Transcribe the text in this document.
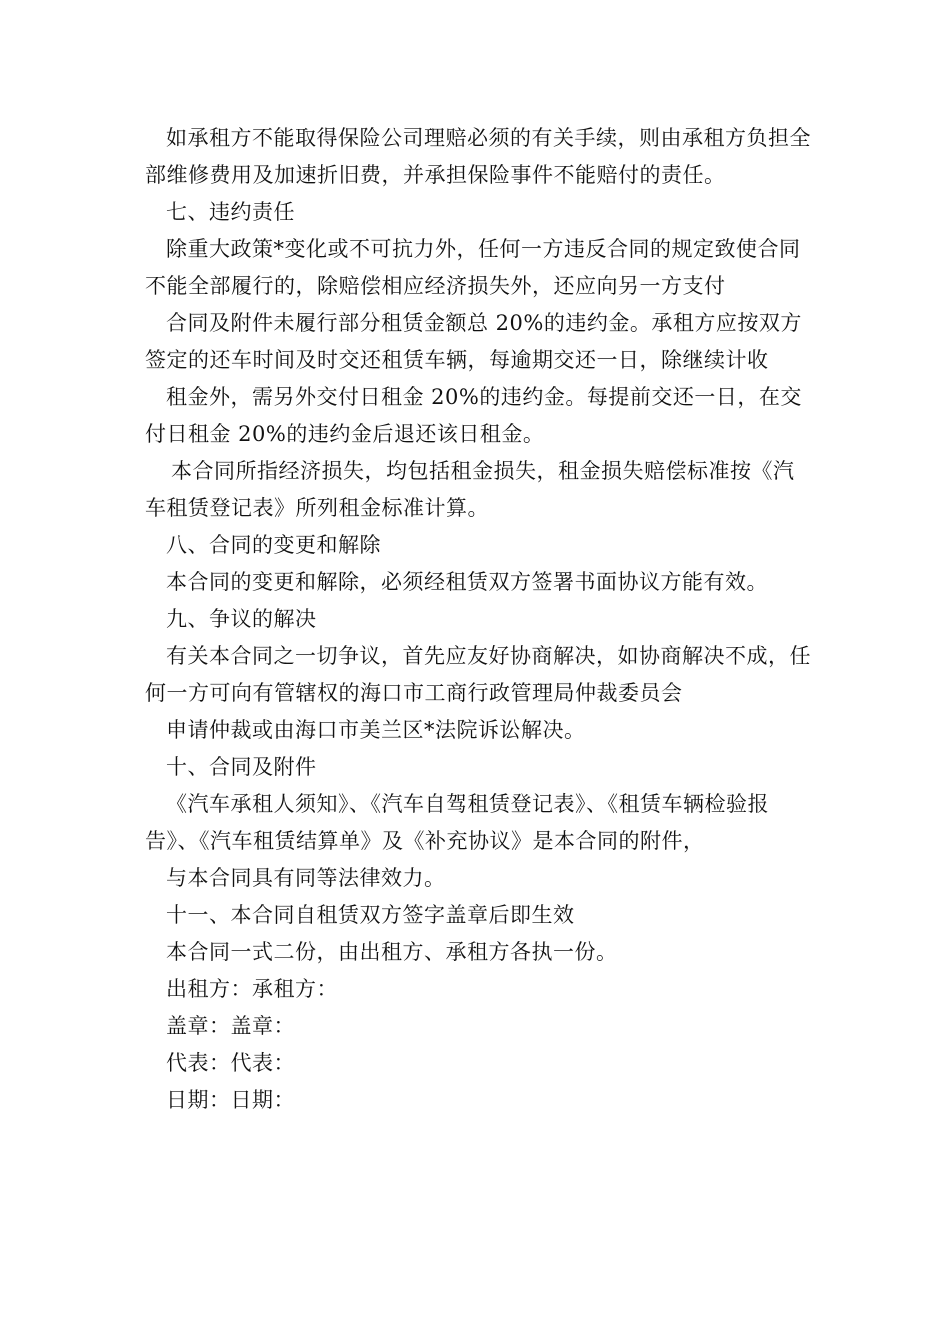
如承租方不能取得保险公司理赔必须的有关手续，则由承租方负担全部维修费用及加速折旧费，并承担保险事件不能赔付的责任。

七、违约责任

除重大政策*变化或不可抗力外，任何一方违反合同的规定致使合同不能全部履行的，除赔偿相应经济损失外，还应向另一方支付

合同及附件未履行部分租赁金额总 20%的违约金。承租方应按双方签定的还车时间及时交还租赁车辆，每逾期交还一日，除继续计收

租金外，需另外交付日租金 20%的违约金。每提前交还一日，在交付日租金 20%的违约金后退还该日租金。

本合同所指经济损失，均包括租金损失，租金损失赔偿标准按《汽车租赁登记表》所列租金标准计算。

八、合同的变更和解除

本合同的变更和解除，必须经租赁双方签署书面协议方能有效。

九、争议的解决

有关本合同之一切争议，首先应友好协商解决，如协商解决不成，任何一方可向有管辖权的海口市工商行政管理局仲裁委员会

申请仲裁或由海口市美兰区*法院诉讼解决。

十、合同及附件

《汽车承租人须知》、《汽车自驾租赁登记表》、《租赁车辆检验报告》、《汽车租赁结算单》及《补充协议》是本合同的附件，

与本合同具有同等法律效力。

十一、本合同自租赁双方签字盖章后即生效

本合同一式二份，由出租方、承租方各执一份。

出租方：承租方：

盖章：盖章：

代表：代表：

日期：日期：
